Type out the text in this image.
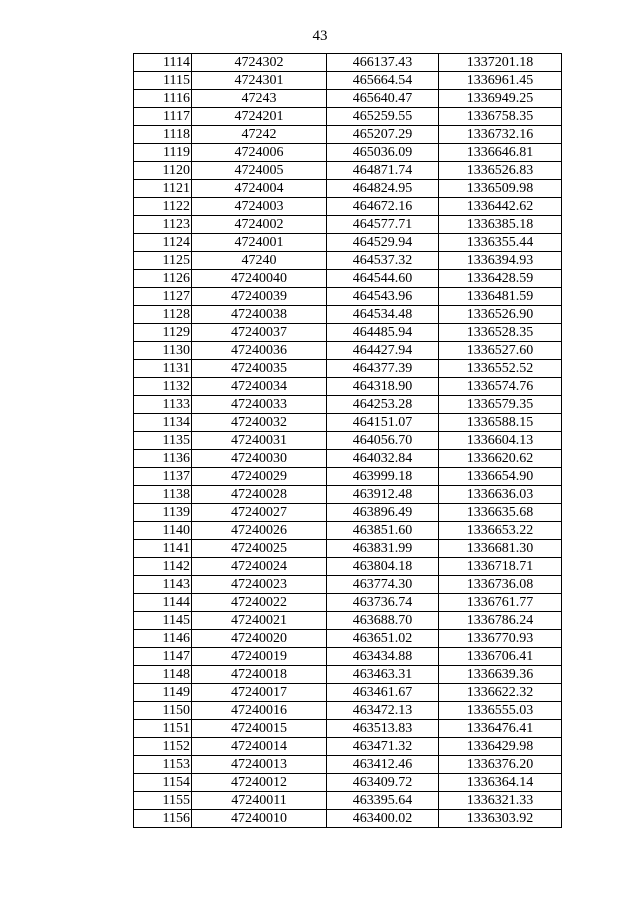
43
1114	4724302	466137.43	1337201.18
1115	4724301	465664.54	1336961.45
1116	47243	465640.47	1336949.25
1117	4724201	465259.55	1336758.35
1118	47242	465207.29	1336732.16
1119	4724006	465036.09	1336646.81
1120	4724005	464871.74	1336526.83
1121	4724004	464824.95	1336509.98
1122	4724003	464672.16	1336442.62
1123	4724002	464577.71	1336385.18
1124	4724001	464529.94	1336355.44
1125	47240	464537.32	1336394.93
1126	47240040	464544.60	1336428.59
1127	47240039	464543.96	1336481.59
1128	47240038	464534.48	1336526.90
1129	47240037	464485.94	1336528.35
1130	47240036	464427.94	1336527.60
1131	47240035	464377.39	1336552.52
1132	47240034	464318.90	1336574.76
1133	47240033	464253.28	1336579.35
1134	47240032	464151.07	1336588.15
1135	47240031	464056.70	1336604.13
1136	47240030	464032.84	1336620.62
1137	47240029	463999.18	1336654.90
1138	47240028	463912.48	1336636.03
1139	47240027	463896.49	1336635.68
1140	47240026	463851.60	1336653.22
1141	47240025	463831.99	1336681.30
1142	47240024	463804.18	1336718.71
1143	47240023	463774.30	1336736.08
1144	47240022	463736.74	1336761.77
1145	47240021	463688.70	1336786.24
1146	47240020	463651.02	1336770.93
1147	47240019	463434.88	1336706.41
1148	47240018	463463.31	1336639.36
1149	47240017	463461.67	1336622.32
1150	47240016	463472.13	1336555.03
1151	47240015	463513.83	1336476.41
1152	47240014	463471.32	1336429.98
1153	47240013	463412.46	1336376.20
1154	47240012	463409.72	1336364.14
1155	47240011	463395.64	1336321.33
1156	47240010	463400.02	1336303.92
